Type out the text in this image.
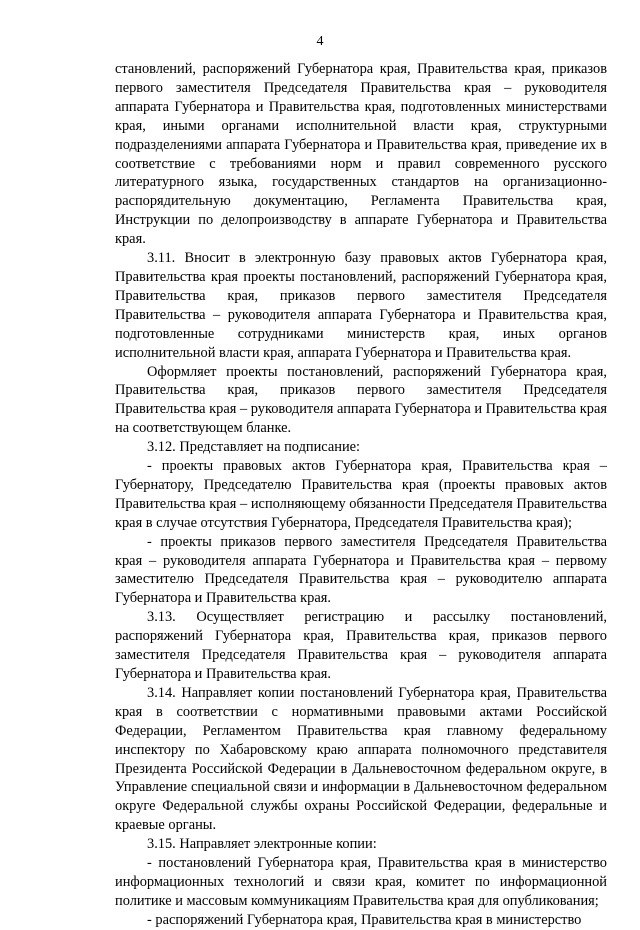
4

становлений, распоряжений Губернатора края, Правительства края, приказов первого заместителя Председателя Правительства края – руководителя аппарата Губернатора и Правительства края, подготовленных министерствами края, иными органами исполнительной власти края, структурными подразделениями аппарата Губернатора и Правительства края, приведение их в соответствие с требованиями норм и правил современного русского литературного языка, государственных стандартов на организационно-распорядительную документацию, Регламента Правительства края, Инструкции по делопроизводству в аппарате Губернатора и Правительства края.

3.11. Вносит в электронную базу правовых актов Губернатора края, Правительства края проекты постановлений, распоряжений Губернатора края, Правительства края, приказов первого заместителя Председателя Правительства – руководителя аппарата Губернатора и Правительства края, подготовленные сотрудниками министерств края, иных органов исполнительной власти края, аппарата Губернатора и Правительства края.

Оформляет проекты постановлений, распоряжений Губернатора края, Правительства края, приказов первого заместителя Председателя Правительства края – руководителя аппарата Губернатора и Правительства края на соответствующем бланке.

3.12. Представляет на подписание:

- проекты правовых актов Губернатора края, Правительства края – Губернатору, Председателю Правительства края (проекты правовых актов Правительства края – исполняющему обязанности Председателя Правительства края в случае отсутствия Губернатора, Председателя Правительства края);

- проекты приказов первого заместителя Председателя Правительства края – руководителя аппарата Губернатора и Правительства края – первому заместителю Председателя Правительства края – руководителю аппарата Губернатора и Правительства края.

3.13. Осуществляет регистрацию и рассылку постановлений, распоряжений Губернатора края, Правительства края, приказов первого заместителя Председателя Правительства края – руководителя аппарата Губернатора и Правительства края.

3.14. Направляет копии постановлений Губернатора края, Правительства края в соответствии с нормативными правовыми актами Российской Федерации, Регламентом Правительства края главному федеральному инспектору по Хабаровскому краю аппарата полномочного представителя Президента Российской Федерации в Дальневосточном федеральном округе, в Управление специальной связи и информации в Дальневосточном федеральном округе Федеральной службы охраны Российской Федерации, федеральные и краевые органы.

3.15. Направляет электронные копии:

- постановлений Губернатора края, Правительства края в министерство информационных технологий и связи края, комитет по информационной политике и массовым коммуникациям Правительства края для опубликования;

- распоряжений Губернатора края, Правительства края в министерство
